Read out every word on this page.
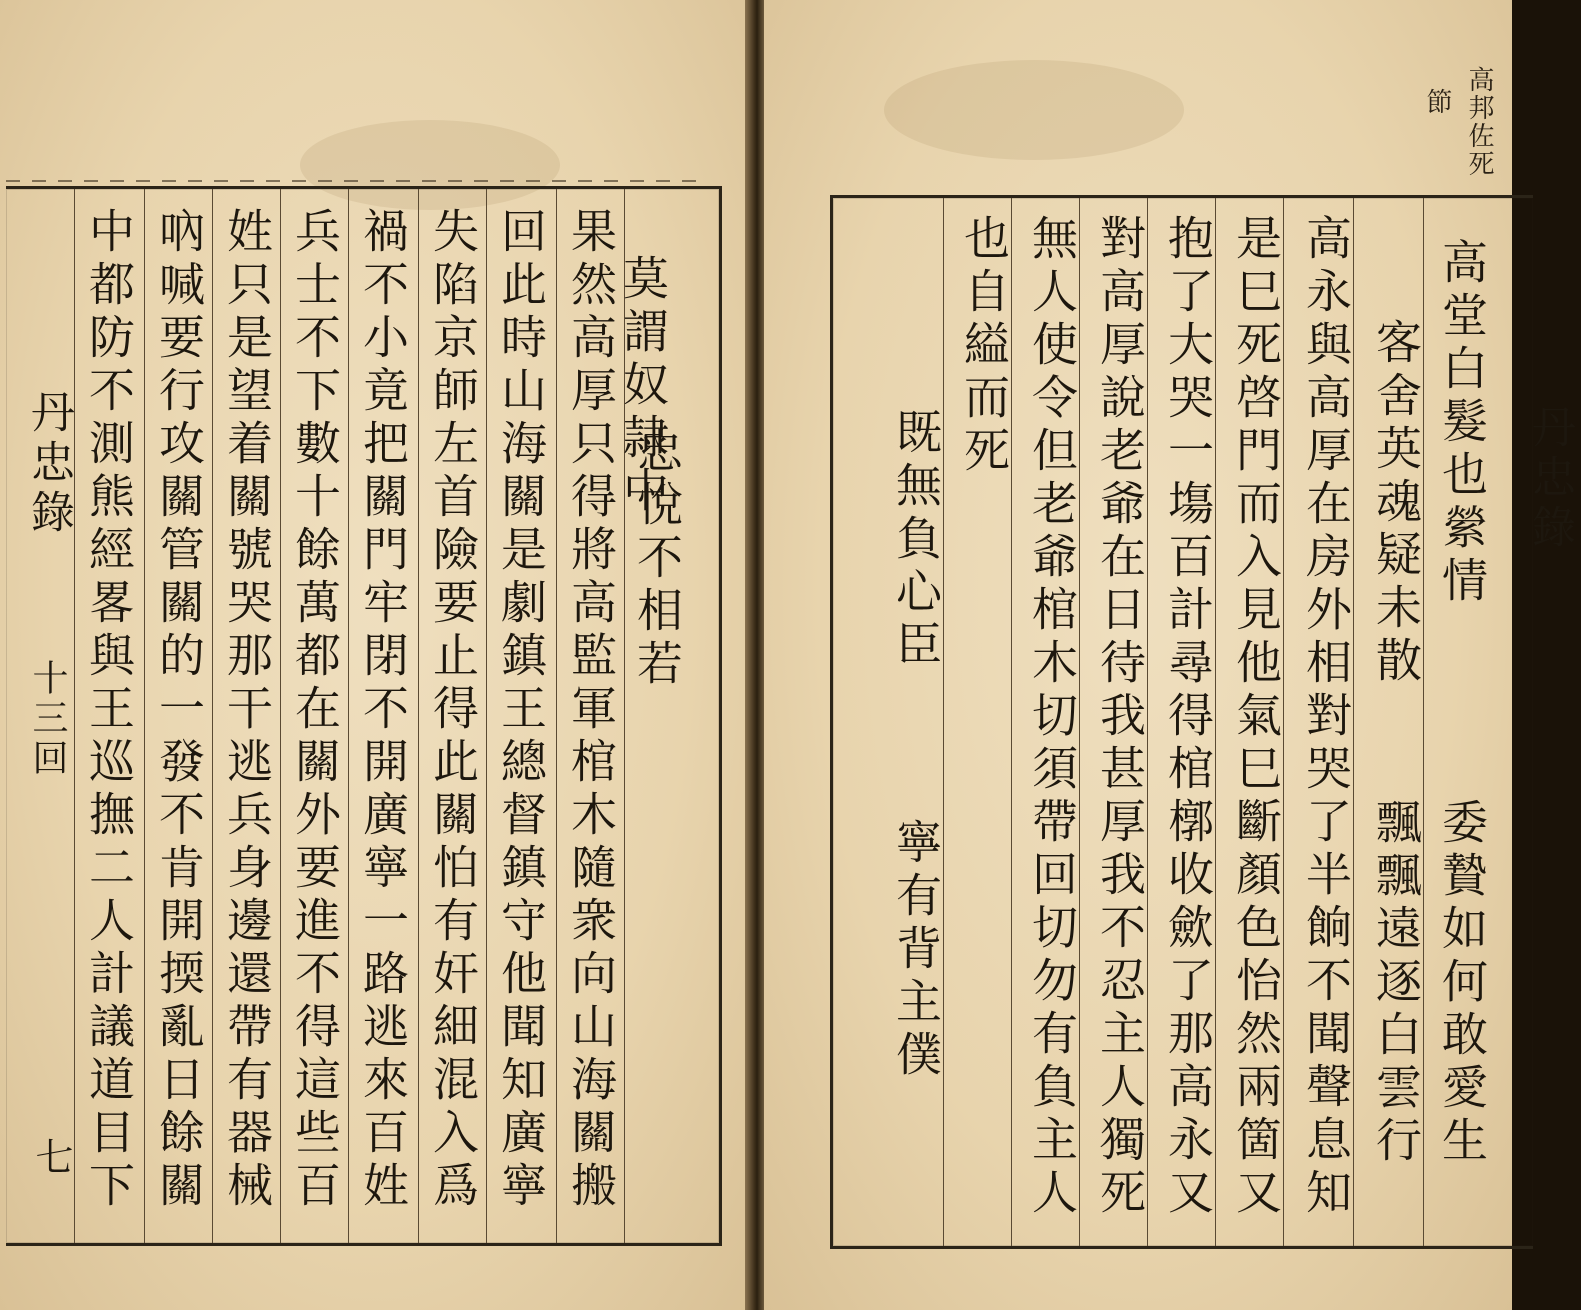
丹忠錄
十三回
七 中都防不測熊經畧與王巡撫二人計議道目下 吶喊要行攻關管關的一發不肯開㨎亂日餘關 姓只是望着關號哭那干逃兵身邊還帶有器械 兵士不下數十餘萬都在關外要進不得這些百 禍不小竟把關門牢閉不開廣寧一路逃來百姓 失陷京師左首險要止得此關怕有奸細混入爲 回此時山海關是劇鎮王總督鎮守他聞知廣寧 果然高厚只得將高監軍棺木隨衆向山海關搬 忠悅不相若
莫謂奴隷中
高邦佐死
節
丹忠錄
高堂白髮也縈情
委贄如何敢愛生
客舍英魂疑未散
飄飄遠逐白雲行
高永與高厚在房外相對哭了半餉不聞聲息知
是巳死啓門而入見他氣巳斷顏色怡然兩箇又
抱了大哭一塲百計尋得棺槨收歛了那高永又
對高厚說老爺在日待我甚厚我不忍主人獨死
無人使令但老爺棺木切須帶回切勿有負主人
也自縊而死
既無負心臣
寧有背主僕
